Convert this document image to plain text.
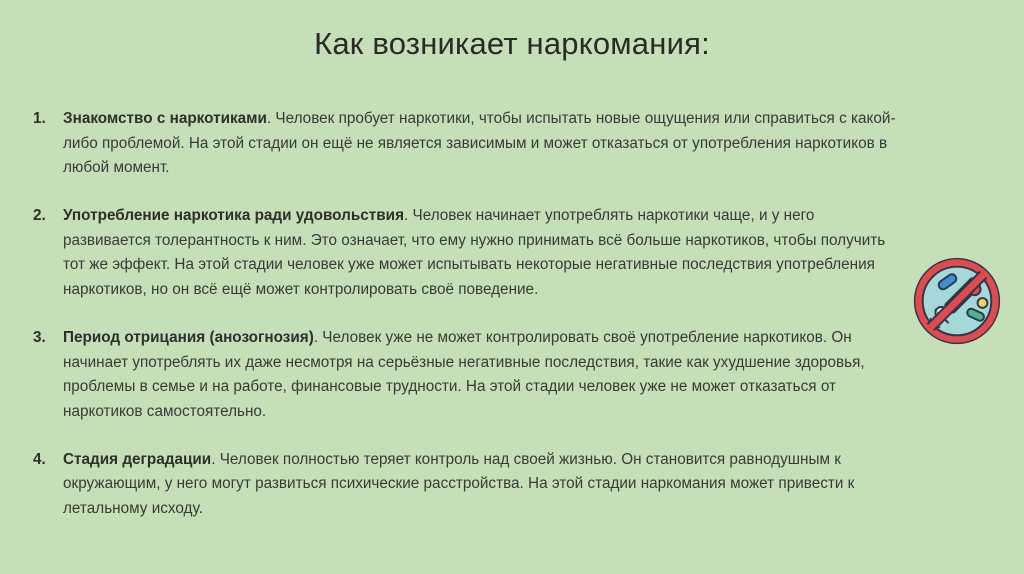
Как возникает наркомания:
1. Знакомство с наркотиками. Человек пробует наркотики, чтобы испытать новые ощущения или справиться с какой-либо проблемой. На этой стадии он ещё не является зависимым и может отказаться от употребления наркотиков в любой момент.
2. Употребление наркотика ради удовольствия. Человек начинает употреблять наркотики чаще, и у него развивается толерантность к ним. Это означает, что ему нужно принимать всё больше наркотиков, чтобы получить тот же эффект. На этой стадии человек уже может испытывать некоторые негативные последствия употребления наркотиков, но он всё ещё может контролировать своё поведение.
3. Период отрицания (анозогнозия). Человек уже не может контролировать своё употребление наркотиков. Он начинает употреблять их даже несмотря на серьёзные негативные последствия, такие как ухудшение здоровья, проблемы в семье и на работе, финансовые трудности. На этой стадии человек уже не может отказаться от наркотиков самостоятельно.
4. Стадия деградации. Человек полностью теряет контроль над своей жизнью. Он становится равнодушным к окружающим, у него могут развиться психические расстройства. На этой стадии наркомания может привести к летальному исходу.
